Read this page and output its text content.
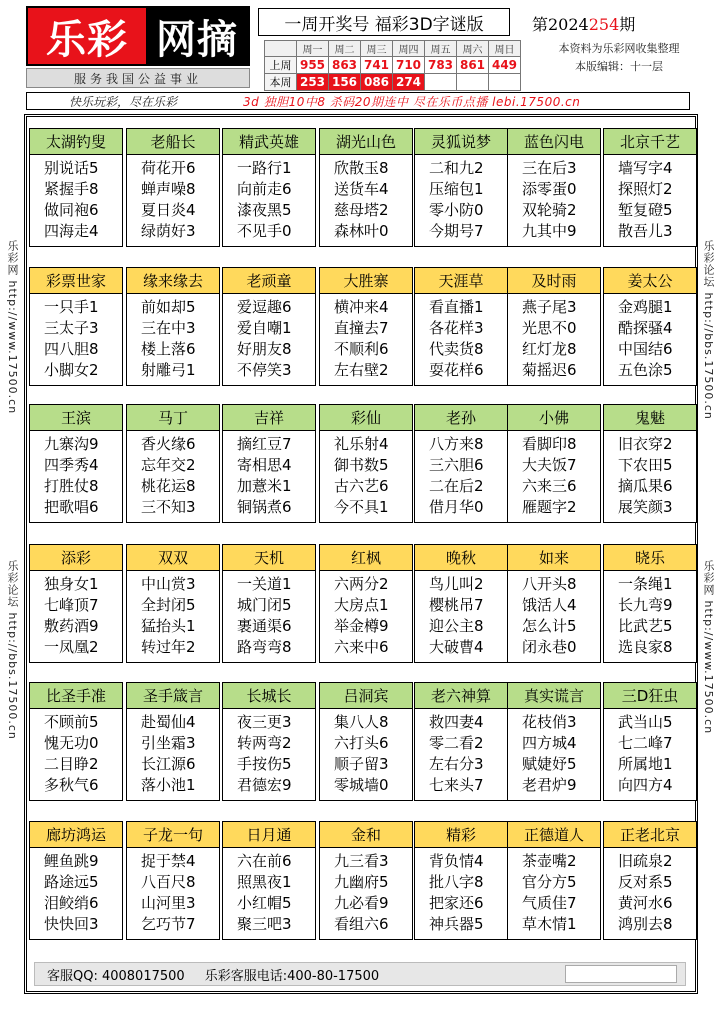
乐彩 网摘
服务我国公益事业
一周开奖号 福彩3D字谜版
	周一	周二	周三	周四	周五	周六	周日
上周	955	863	741	710	783	861	449
本周	253	156	086	274			
第2024254期
本资料为乐彩网收集整理
本版编辑：十一层
快乐玩彩，尽在乐彩	3d 独胆10中8 杀码20期连中 尽在乐币点播 lebi.17500.cn
乐彩网 http://www.17500.cn
乐彩论坛 http://bbs.17500.cn
乐彩论坛 http://bbs.17500.cn
乐彩网 http://www.17500.cn
太湖钓叟
别说话5
紧握手8
做同袍6
四海走4
老船长
荷花开6
蝉声噪8
夏日炎4
绿荫好3
精武英雄
一路行1
向前走6
漆夜黑5
不见手0
湖光山色
欣散玉8
送货车4
慈母塔2
森林叶0
灵狐说梦
二和九2
压缩包1
零小防0
今期号7
蓝色闪电
三在后3
添零蛋0
双轮骑2
九其中9
北京千艺
墙写字4
探照灯2
堑复磴5
散吾儿3
彩票世家
一只手1
三太子3
四八胆8
小脚女2
缘来缘去
前如却5
三在中3
楼上落6
射雕弓1
老顽童
爱逗趣6
爱自嘲1
好朋友8
不停笑3
大胜寨
横冲来4
直撞去7
不顺利6
左右壁2
天涯草
看直播1
各花样3
代卖货8
耍花样6
及时雨
燕子尾3
光思不0
红灯龙8
菊摇迟6
姜太公
金鸡腿1
酷探骚4
中国结6
五色涂5
王滨
九寨沟9
四季秀4
打胜仗8
把歌唱6
马丁
香火缘6
忘年交2
桃花运8
三不知3
吉祥
摘红豆7
寄相思4
加薏米1
铜锅煮6
彩仙
礼乐射4
御书数5
古六艺6
今不具1
老孙
八方来8
三六胆6
二在后2
借月华0
小佛
看脚印8
大夫饭7
六来三6
雁题字2
鬼魅
旧衣穿2
下农田5
摘瓜果6
展笑颜3
添彩
独身女1
七峰顶7
敷药酒9
一凤凰2
双双
中山赏3
全封闭5
猛抬头1
转过年2
天机
一关道1
城门闭5
裹通渠6
路弯弯8
红枫
六两分2
大房点1
举金樽9
六来中6
晚秋
鸟儿叫2
樱桃吊7
迎公主8
大破曹4
如来
八开头8
饿活人4
怎么计5
闭永巷0
晓乐
一条绳1
长九弯9
比武艺5
选良家8
比圣手准
不顾前5
愧无功0
二目睁2
多秋气6
圣手箴言
赴蜀仙4
引坐霜3
长江源6
落小池1
长城长
夜三更3
转两弯2
手按伤5
君德宏9
吕洞宾
集八人8
六打头6
顺子留3
零城墙0
老六神算
救四妻4
零二看2
左右分3
七来头7
真实谎言
花枝俏3
四方城4
赋婕妤5
老君炉9
三D狂虫
武当山5
七二峰7
所属地1
向四方4
廊坊鸿运
鲤鱼跳9
路途远5
泪鲛绡6
快快回3
子龙一句
捉于禁4
八百尺8
山河里3
乞巧节7
日月通
六在前6
照黑夜1
小红帽5
聚三吧3
金和
九三看3
九幽府5
九必看9
看组六6
精彩
背负情4
批八字8
把家还6
神兵器5
正德道人
茶壶嘴2
官分方5
气质佳7
草木情1
正老北京
旧疏泉2
反对系5
黄河水6
鸿別去8
客服QQ: 4008017500 乐彩客服电话:400-80-17500
